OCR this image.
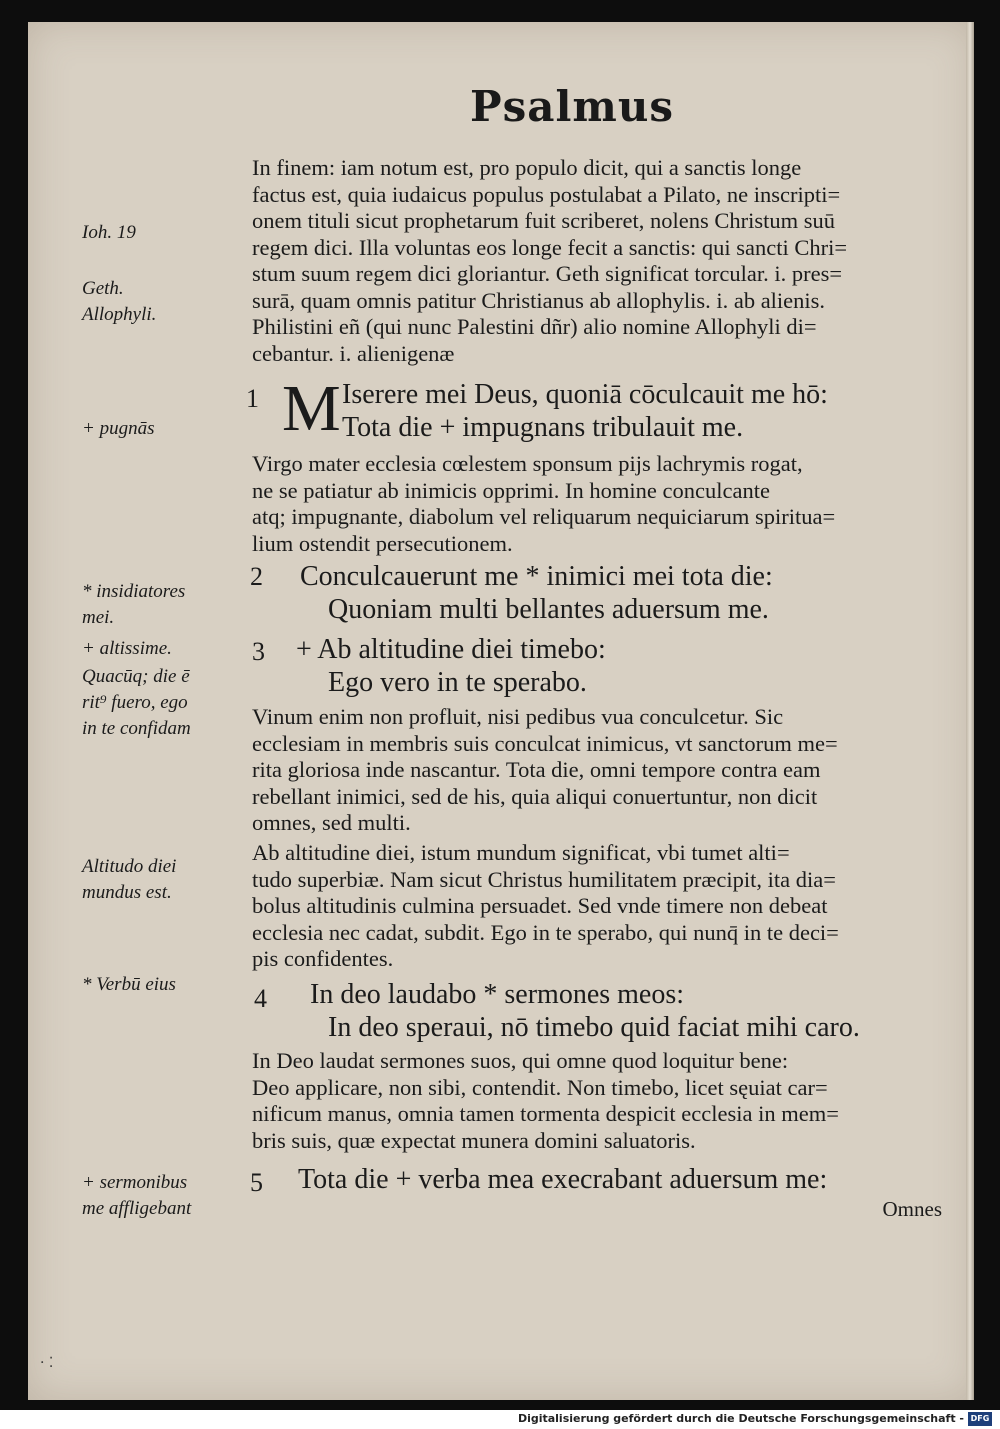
Psalmus
Ioh. 19
Geth.
Allophyli.
+ pugnās
* insidiatores
mei.
+ altissime.
Quacūq; die ē
rit⁹ fuero, ego
in te confidam
Altitudo diei
mundus est.
* Verbū eius
+ sermonibus
me affligebant
1
2
3
4
5
In finem: iam notum est, pro populo dicit, qui a sanctis longe
factus est, quia iudaicus populus postulabat a Pilato, ne inscripti=
onem tituli sicut prophetarum fuit scriberet, nolens Christum suū
regem dici. Illa voluntas eos longe fecit a sanctis: qui sancti Chri=
stum suum regem dici gloriantur. Geth significat torcular. i. pres=
surā, quam omnis patitur Christianus ab allophylis. i. ab alienis.
Philistini eñ (qui nunc Palestini dñr) alio nomine Allophyli di=
cebantur. i. alienigenæ
M Iserere mei Deus, quoniā cōculcauit me hō:
Tota die + impugnans tribulauit me.
Virgo mater ecclesia cœlestem sponsum pijs lachrymis rogat,
ne se patiatur ab inimicis opprimi. In homine conculcante
atq; impugnante, diabolum vel reliquarum nequiciarum spiritua=
lium ostendit persecutionem.
Conculcauerunt me * inimici mei tota die:
Quoniam multi bellantes aduersum me.
+ Ab altitudine diei timebo:
Ego vero in te sperabo.
Vinum enim non profluit, nisi pedibus vua conculcetur. Sic
ecclesiam in membris suis conculcat inimicus, vt sanctorum me=
rita gloriosa inde nascantur. Tota die, omni tempore contra eam
rebellant inimici, sed de his, quia aliqui conuertuntur, non dicit
omnes, sed multi.
Ab altitudine diei, istum mundum significat, vbi tumet alti=
tudo superbiæ. Nam sicut Christus humilitatem præcipit, ita dia=
bolus altitudinis culmina persuadet. Sed vnde timere non debeat
ecclesia nec cadat, subdit. Ego in te sperabo, qui nunq̄ in te deci=
pis confidentes.
In deo laudabo * sermones meos:
In deo speraui, nō timebo quid faciat mihi caro.
In Deo laudat sermones suos, qui omne quod loquitur bene:
Deo applicare, non sibi, contendit. Non timebo, licet sęuiat car=
nificum manus, omnia tamen tormenta despicit ecclesia in mem=
bris suis, quæ expectat munera domini saluatoris.
Tota die + verba mea execrabant aduersum me:
Omnes
· ⁚
Digitalisierung gefördert durch die Deutsche Forschungsgemeinschaft - DFG
